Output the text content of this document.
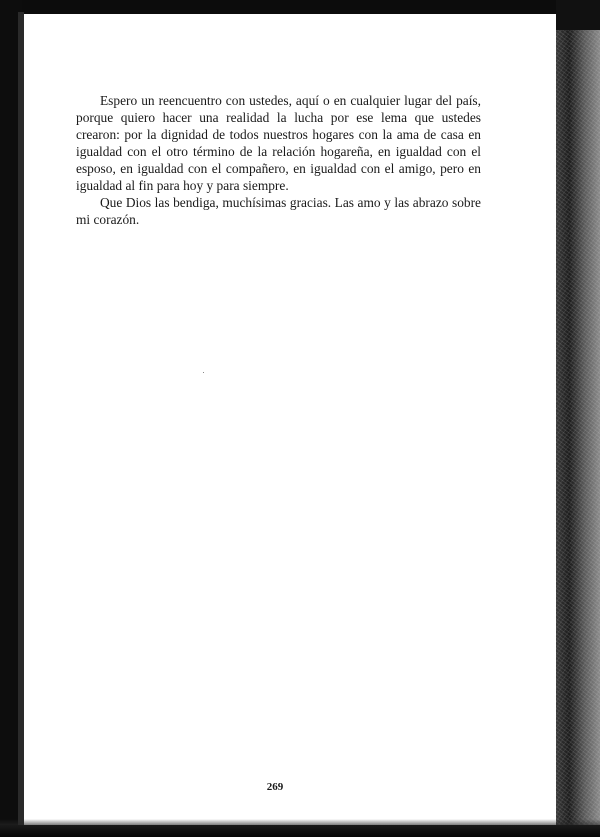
Espero un reencuentro con ustedes, aquí o en cualquier lugar del país, porque quiero hacer una realidad la lucha por ese lema que ustedes crearon: por la dignidad de todos nuestros hogares con la ama de casa en igualdad con el otro término de la relación hogareña, en igualdad con el esposo, en igualdad con el compañero, en igualdad con el amigo, pero en igualdad al fin para hoy y para siempre.

Que Dios las bendiga, muchísimas gracias. Las amo y las abrazo sobre mi corazón.

269
